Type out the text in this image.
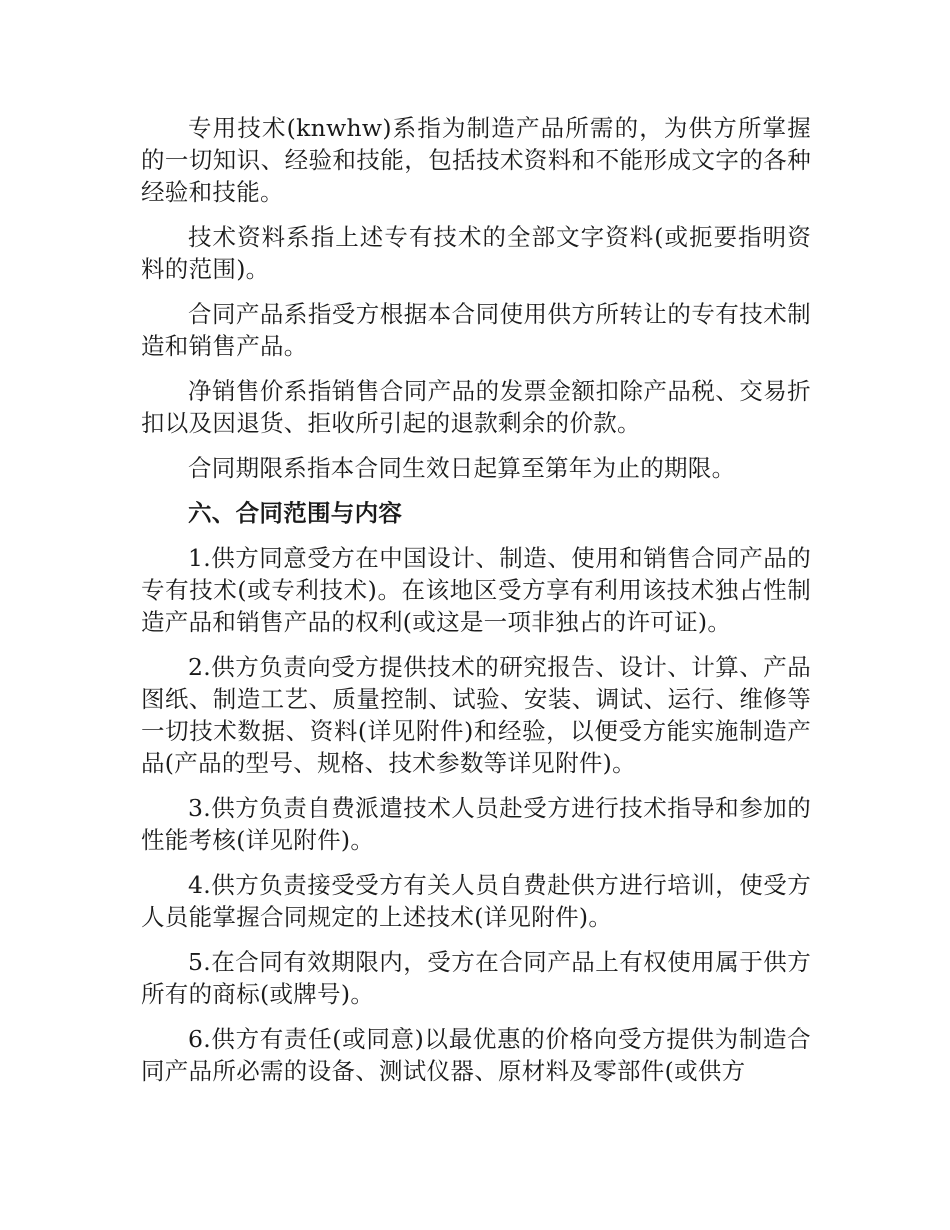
专用技术(knwhw)系指为制造产品所需的，为供方所掌握的一切知识、经验和技能，包括技术资料和不能形成文字的各种经验和技能。

技术资料系指上述专有技术的全部文字资料(或扼要指明资料的范围)。

合同产品系指受方根据本合同使用供方所转让的专有技术制造和销售产品。

净销售价系指销售合同产品的发票金额扣除产品税、交易折扣以及因退货、拒收所引起的退款剩余的价款。

合同期限系指本合同生效日起算至第年为止的期限。

六、合同范围与内容

1.供方同意受方在中国设计、制造、使用和销售合同产品的专有技术(或专利技术)。在该地区受方享有利用该技术独占性制造产品和销售产品的权利(或这是一项非独占的许可证)。

2.供方负责向受方提供技术的研究报告、设计、计算、产品图纸、制造工艺、质量控制、试验、安装、调试、运行、维修等一切技术数据、资料(详见附件)和经验，以便受方能实施制造产品(产品的型号、规格、技术参数等详见附件)。

3.供方负责自费派遣技术人员赴受方进行技术指导和参加的性能考核(详见附件)。

4.供方负责接受受方有关人员自费赴供方进行培训，使受方人员能掌握合同规定的上述技术(详见附件)。

5.在合同有效期限内，受方在合同产品上有权使用属于供方所有的商标(或牌号)。

6.供方有责任(或同意)以最优惠的价格向受方提供为制造合同产品所必需的设备、测试仪器、原材料及零部件(或供方
